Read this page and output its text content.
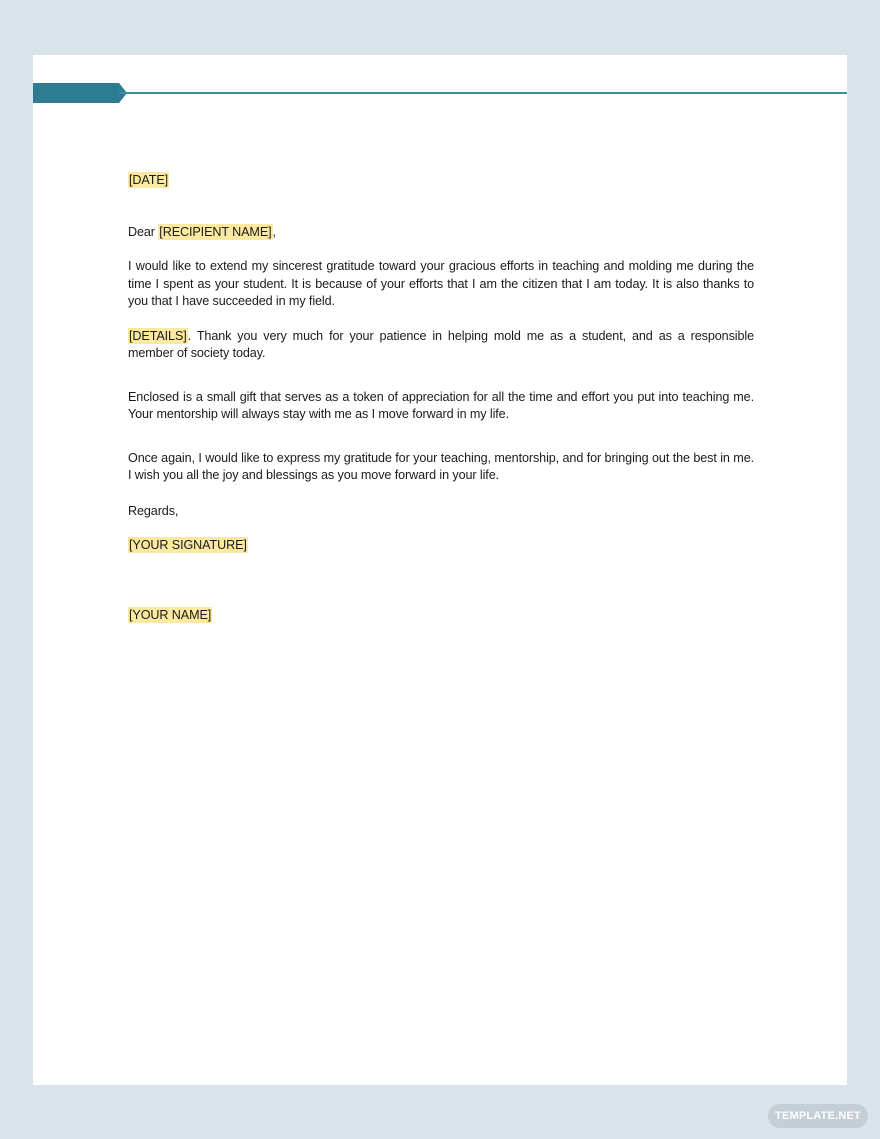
[DATE]

Dear [RECIPIENT NAME],

I would like to extend my sincerest gratitude toward your gracious efforts in teaching and molding me during the time I spent as your student. It is because of your efforts that I am the citizen that I am today. It is also thanks to you that I have succeeded in my field.

[DETAILS]. Thank you very much for your patience in helping mold me as a student, and as a responsible member of society today.

Enclosed is a small gift that serves as a token of appreciation for all the time and effort you put into teaching me. Your mentorship will always stay with me as I move forward in my life.

Once again, I would like to express my gratitude for your teaching, mentorship, and for bringing out the best in me. I wish you all the joy and blessings as you move forward in your life.

Regards,

[YOUR SIGNATURE]

[YOUR NAME]

TEMPLATE.NET
